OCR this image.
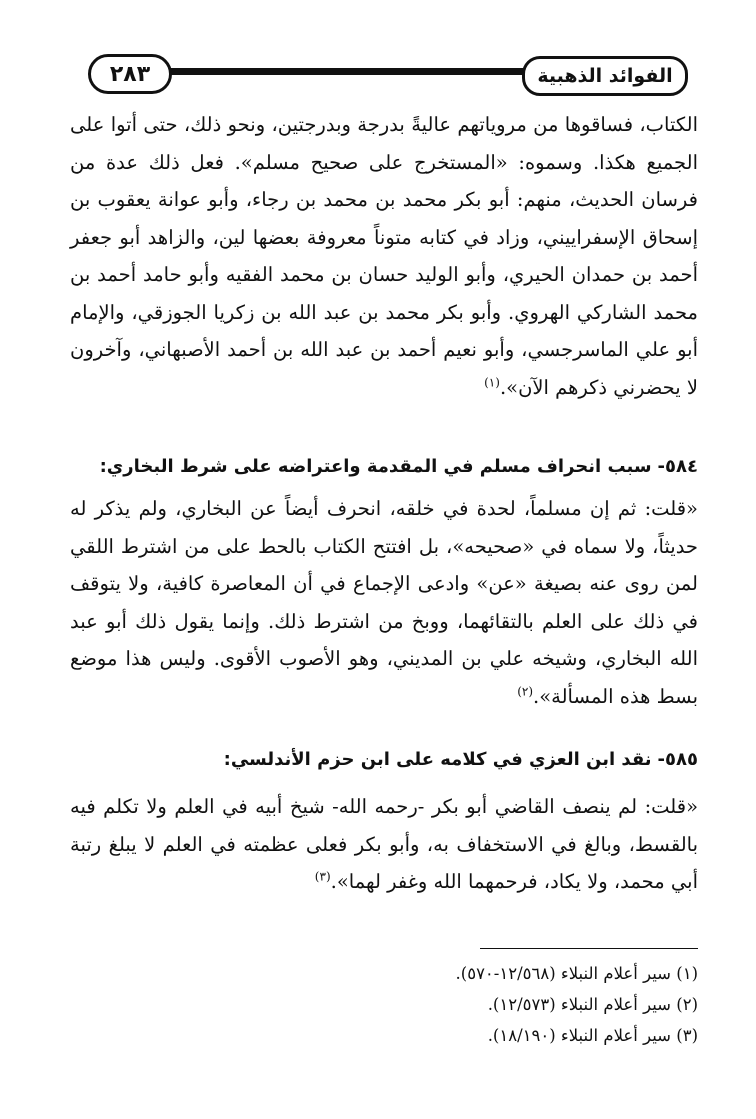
الفوائد الذهبية
٢٨٣

الكتاب، فساقوها من مروياتهم عاليةً بدرجة وبدرجتين، ونحو ذلك، حتى أتوا على الجميع هكذا. وسموه: «المستخرج على صحيح مسلم». فعل ذلك عدة من فرسان الحديث، منهم: أبو بكر محمد بن محمد بن رجاء، وأبو عوانة يعقوب بن إسحاق الإسفراييني، وزاد في كتابه متوناً معروفة بعضها لين، والزاهد أبو جعفر أحمد بن حمدان الحيري، وأبو الوليد حسان بن محمد الفقيه وأبو حامد أحمد بن محمد الشاركي الهروي. وأبو بكر محمد بن عبد الله بن زكريا الجوزقي، والإمام أبو علي الماسرجسي، وأبو نعيم أحمد بن عبد الله بن أحمد الأصبهاني، وآخرون لا يحضرني ذكرهم الآن».$^{(١)}$

٥٨٤-سبب انحراف مسلم في المقدمة واعتراضه على شرط البخاري:

«قلت: ثم إن مسلماً، لحدة في خلقه، انحرف أيضاً عن البخاري، ولم يذكر له حديثاً، ولا سماه في «صحيحه»، بل افتتح الكتاب بالحط على من اشترط اللقي لمن روى عنه بصيغة «عن» وادعى الإجماع في أن المعاصرة كافية، ولا يتوقف في ذلك على العلم بالتقائهما، ووبخ من اشترط ذلك. وإنما يقول ذلك أبو عبد الله البخاري، وشيخه علي بن المديني، وهو الأصوب الأقوى. وليس هذا موضع بسط هذه المسألة».$^{(٢)}$

٥٨٥-نقد ابن العزي في كلامه على ابن حزم الأندلسي:

«قلت: لم ينصف القاضي أبو بكر -رحمه الله- شيخ أبيه في العلم ولا تكلم فيه بالقسط، وبالغ في الاستخفاف به، وأبو بكر فعلى عظمته في العلم لا يبلغ رتبة أبي محمد، ولا يكاد، فرحمهما الله وغفر لهما».$^{(٣)}$

(١) سير أعلام النبلاء (١٢/٥٦٨-٥٧٠).
(٢) سير أعلام النبلاء (١٢/٥٧٣).
(٣) سير أعلام النبلاء (١٨/١٩٠).
